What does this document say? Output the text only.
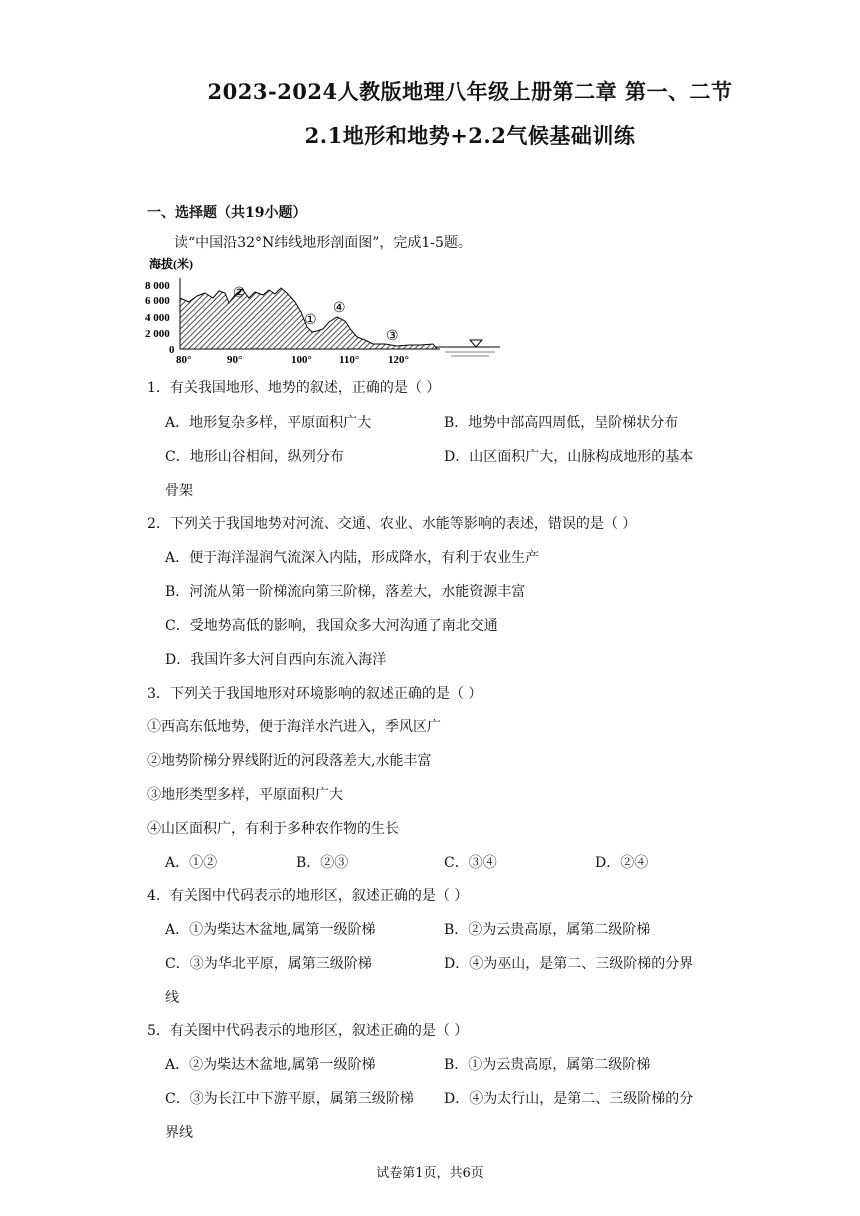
2023-2024人教版地理八年级上册第二章 第一、二节
2.1地形和地势+2.2气候基础训练
一、选择题（共19小题）
读“中国沿32°N纬线地形剖面图”，完成1-5题。
海拔(米)
8 000
6 000
4 000
2 000
0
②
①
④
③
80°	90°	100° 110°	120°
1．有关我国地形、地势的叙述，正确的是（ ）
A．地形复杂多样，平原面积广大	B．地势中部高四周低，呈阶梯状分布
C．地形山谷相间，纵列分布	D．山区面积广大，山脉构成地形的基本
骨架
2．下列关于我国地势对河流、交通、农业、水能等影响的表述，错误的是（ ）
A．便于海洋湿润气流深入内陆，形成降水，有利于农业生产
B．河流从第一阶梯流向第三阶梯，落差大，水能资源丰富
C．受地势高低的影响，我国众多大河沟通了南北交通
D．我国许多大河自西向东流入海洋
3．下列关于我国地形对环境影响的叙述正确的是（ ）
①西高东低地势，便于海洋水汽进入，季风区广
②地势阶梯分界线附近的河段落差大,水能丰富
③地形类型多样，平原面积广大
④山区面积广，有利于多种农作物的生长
A．①②	B．②③	C．③④	D．②④
4．有关图中代码表示的地形区，叙述正确的是（ ）
A．①为柴达木盆地,属第一级阶梯	B．②为云贵高原，属第二级阶梯
C．③为华北平原，属第三级阶梯	D．④为巫山，是第二、三级阶梯的分界
线
5．有关图中代码表示的地形区，叙述正确的是（ ）
A．②为柴达木盆地,属第一级阶梯	B．①为云贵高原，属第二级阶梯
C．③为长江中下游平原，属第三级阶梯 D．④为太行山，是第二、三级阶梯的分
界线
试卷第1页，共6页
